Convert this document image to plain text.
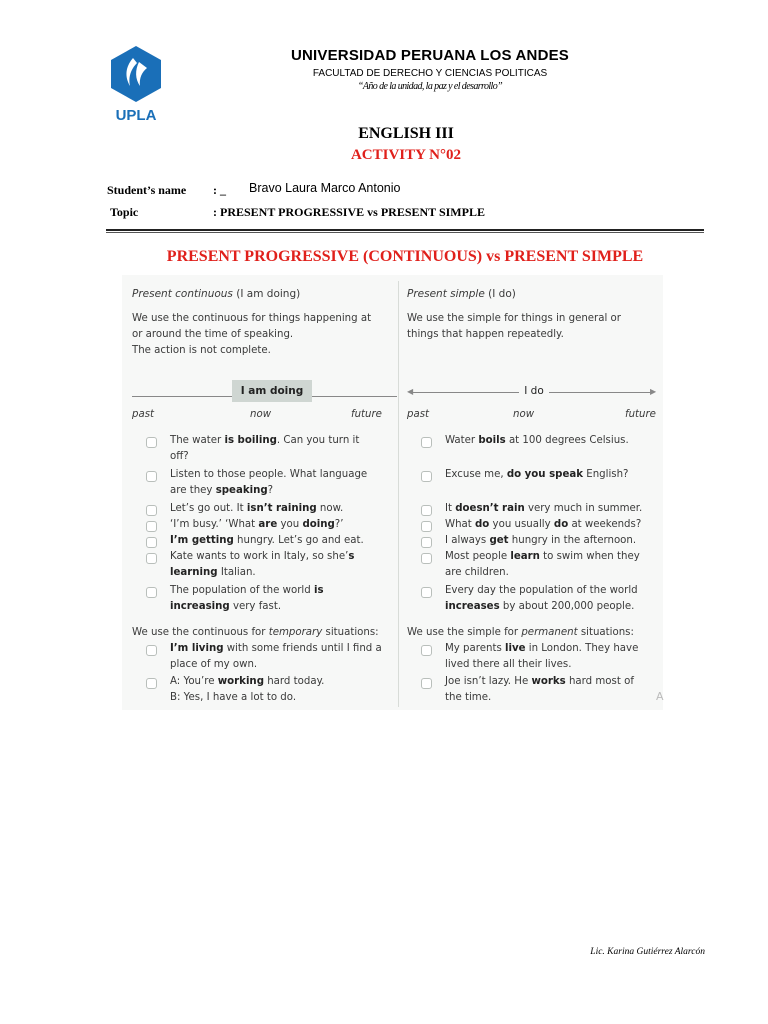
UPLA
UNIVERSIDAD PERUANA LOS ANDES
FACULTAD DE DERECHO Y CIENCIAS POLITICAS
“Año de la unidad, la paz y el desarrollo”
ENGLISH III
ACTIVITY N°02
Student’s name : _ Bravo Laura Marco Antonio
Topic	: PRESENT PROGRESSIVE vs PRESENT SIMPLE
PRESENT PROGRESSIVE (CONTINUOUS) vs PRESENT SIMPLE
Present continuous (I am doing)
We use the continuous for things happening at
or around the time of speaking.
The action is not complete.
I am doing
past	now	future
The water is boiling. Can you turn it
off?
Listen to those people. What language
are they speaking?
Let’s go out. It isn’t raining now.
‘I’m busy.’ ‘What are you doing?’
I’m getting hungry. Let’s go and eat.
Kate wants to work in Italy, so she’s
learning Italian.
The population of the world is
increasing very fast.
We use the continuous for temporary situations:
I’m living with some friends until I find a
place of my own.
A: You’re working hard today.
B: Yes, I have a lot to do.
Present simple (I do)
We use the simple for things in general or
things that happen repeatedly.
◀	▶
I do
past	now	future
Water boils at 100 degrees Celsius.
Excuse me, do you speak English?
It doesn’t rain very much in summer.
What do you usually do at weekends?
I always get hungry in the afternoon.
Most people learn to swim when they
are children.
Every day the population of the world
increases by about 200,000 people.
We use the simple for permanent situations:
My parents live in London. They have
lived there all their lives.
Joe isn’t lazy. He works hard most of
the time.	A
Lic. Karina Gutiérrez Alarcón
